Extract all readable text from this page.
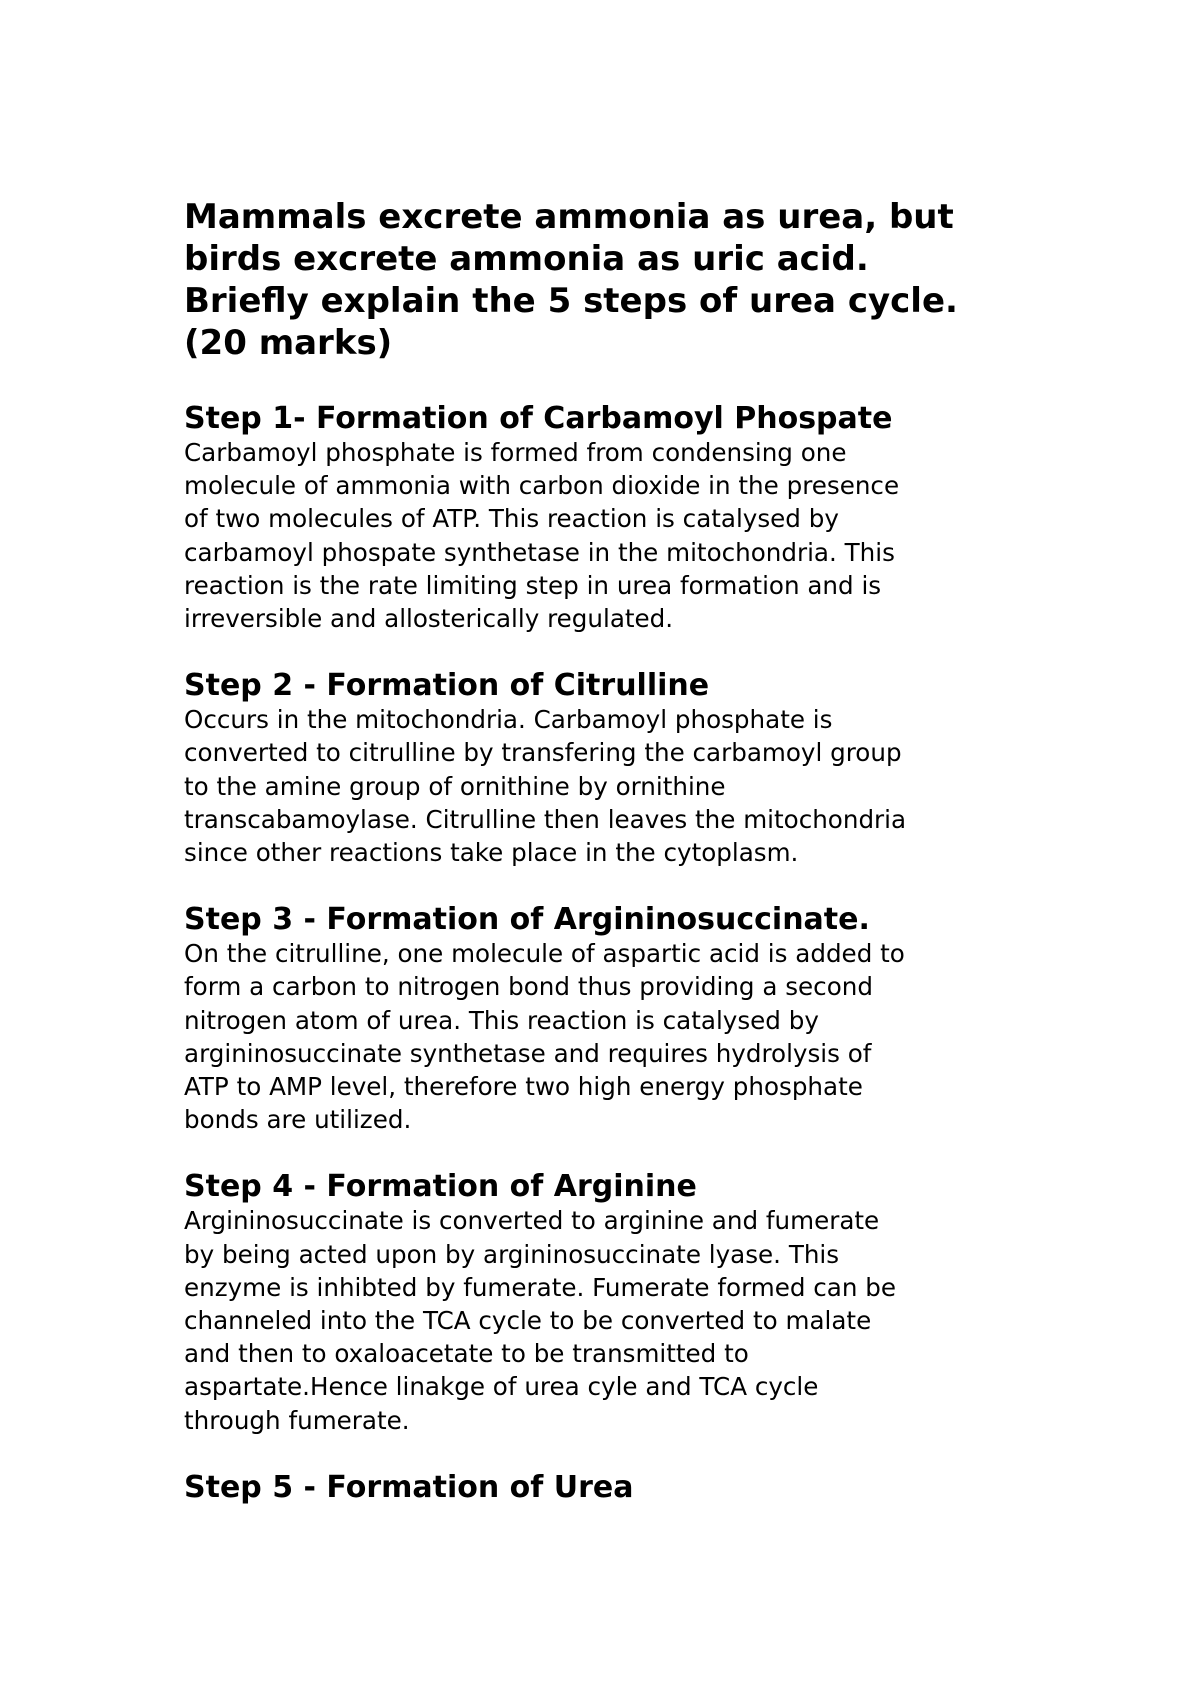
Mammals excrete ammonia as urea, but
birds excrete ammonia as uric acid.
Briefly explain the 5 steps of urea cycle.
(20 marks)
Step 1- Formation of Carbamoyl Phospate
Carbamoyl phosphate is formed from condensing one
molecule of ammonia with carbon dioxide in the presence
of two molecules of ATP. This reaction is catalysed by
carbamoyl phospate synthetase in the mitochondria. This
reaction is the rate limiting step in urea formation and is
irreversible and allosterically regulated.
Step 2 - Formation of Citrulline
Occurs in the mitochondria. Carbamoyl phosphate is
converted to citrulline by transfering the carbamoyl group
to the amine group of ornithine by ornithine
transcabamoylase. Citrulline then leaves the mitochondria
since other reactions take place in the cytoplasm.
Step 3 - Formation of Argininosuccinate.
On the citrulline, one molecule of aspartic acid is added to
form a carbon to nitrogen bond thus providing a second
nitrogen atom of urea. This reaction is catalysed by
argininosuccinate synthetase and requires hydrolysis of
ATP to AMP level, therefore two high energy phosphate
bonds are utilized.
Step 4 - Formation of Arginine
Argininosuccinate is converted to arginine and fumerate
by being acted upon by argininosuccinate lyase. This
enzyme is inhibted by fumerate. Fumerate formed can be
channeled into the TCA cycle to be converted to malate
and then to oxaloacetate to be transmitted to
aspartate.Hence linakge of urea cyle and TCA cycle
through fumerate.
Step 5 - Formation of Urea
